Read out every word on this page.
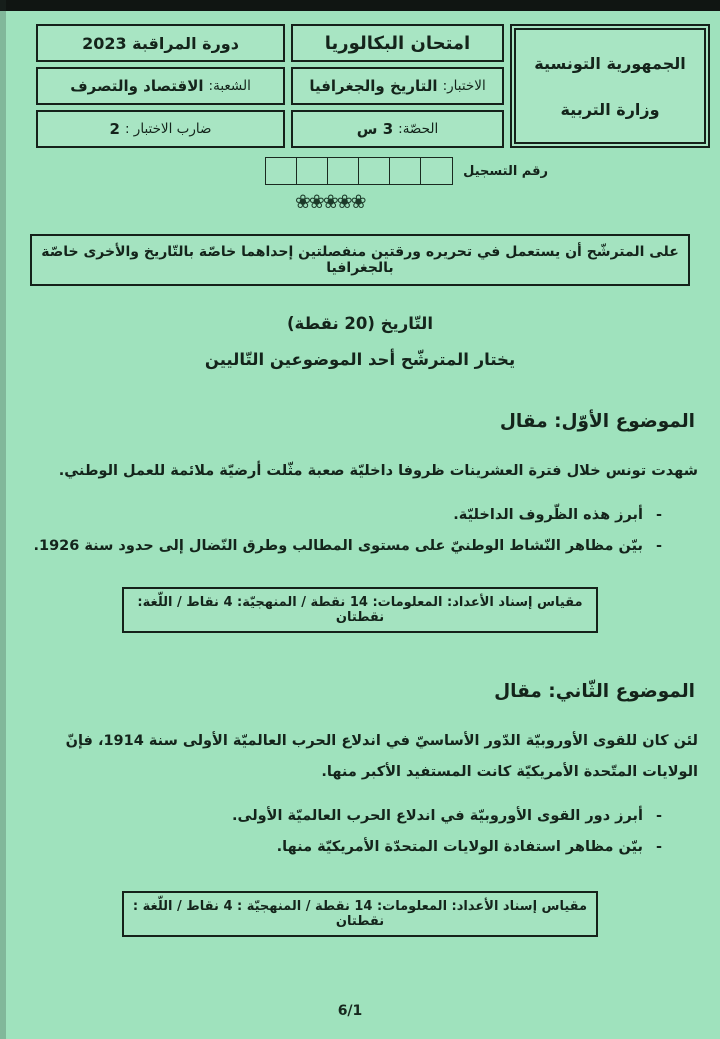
الجمهورية التونسية
وزارة التربية
امتحان البكالوريا
الاختبار:
التاريخ والجغرافيا
الحصّة:
3 س
دورة المراقبة 2023
الشعبة:
الاقتصاد والتصرف
ضارب الاختبار :
2
رقم التسجيل
❀❀❀❀❀
على المترشّح أن يستعمل في تحريره ورقتين منفصلتين إحداهما خاصّة بالتّاريخ والأخرى خاصّة بالجغرافيا
التّاريخ (20 نقطة)
يختار المترشّح أحد الموضوعين التّاليين
الموضوع الأوّل: مقال

شهدت تونس خلال فترة العشرينات ظروفا داخليّة صعبة مثّلت أرضيّة ملائمة للعمل الوطني.

-
أبرز هذه الظّروف الداخليّة.
-
بيّن مظاهر النّشاط الوطنيّ على مستوى المطالب وطرق النّضال إلى حدود سنة 1926.
مقياس إسناد الأعداد: المعلومات: 14 نقطة / المنهجيّة: 4 نقاط / اللّغة: نقطتان
الموضوع الثّاني: مقال

لئن كان للقوى الأوروبيّة الدّور الأساسيّ في اندلاع الحرب العالميّة الأولى سنة 1914، فإنّ الولايات المتّحدة الأمريكيّة كانت المستفيد الأكبر منها.

-
أبرز دور القوى الأوروبيّة في اندلاع الحرب العالميّة الأولى.
-
بيّن مظاهر استفادة الولايات المتحدّة الأمريكيّة منها.
مقياس إسناد الأعداد: المعلومات: 14 نقطة / المنهجيّة : 4 نقاط / اللّغة : نقطتان
6/1
